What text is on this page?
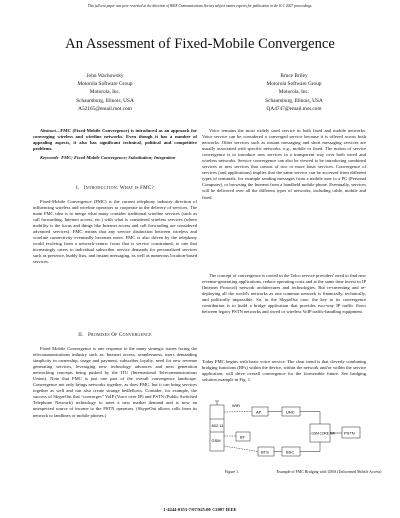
This full text paper was peer reviewed at the direction of IEEE Communications Society subject matter experts for publication in the ICC 2007 proceedings.
An Assessment of Fixed-Mobile Convergence
John Wachowsky
Motorola Software Group
Motorola, Inc.
Schaumburg, Illinois, USA
A52165@email.mot.com
Bruce Briley
Motorola Software Group
Motorola, Inc.
Schaumburg, Illinois, USA
QA4747@email.mot.com

Abstract—FMC (Fixed-Mobile Convergence) is introduced as an approach for converging wireless and wireline networks. Even though it has a number of appealing aspects, it also has significant technical, political and competitive problems.

Keywords- FMC; Fixed-Mobile Convergence; Substitution; Integration

I. Introduction: What is FMC?

Fixed-Mobile Convergence (FMC) is the current telephony industry direction of influencing wireless and wireline operators to cooperate in the delivery of services. The main FMC idea is to merge what many consider traditional wireline services (such as call forwarding, Internet access, etc.) with what is considered wireless services (where mobility is the focus and things like Internet access and call forwarding are considered advanced services). FMC means that any service distinction between wireless and wireline connectivity eventually becomes moot. FMC is also driven by the telephony world evolving from a network-centric focus that is service constrained, to one that increasingly caters to individual subscriber service demands for personalized services such as presence, buddy lists, and instant messaging, as well as numerous location-based services.

II. Promises Of Convergence

Fixed Mobile Convergence is one response to the many strategic issues facing the telecommunications industry such as: Internet access, seamlessness, users demanding simplicity in ownership, usage and payment, subscriber loyalty, need for new revenue generating services, leveraging new technology advances and next generation networking concepts being pushed by the ITU (International Telecommunications Union). Note that FMC is just one part of the overall convergence landscape. Convergence not only brings networks together, as does FMC, but it can bring services together as well and can also create strange bedfellows. Consider, for example, the success of SkypeOut that “converges” VoIP (Voice over IP) and PSTN (Public Switched Telephone Network) technology to meet a new market demand and is now an unexpected source of income to the PSTN operators. (SkypeOut allows calls from its network to landlines or mobile phones.)

Voice remains the most widely used service in both fixed and mobile networks. Voice service can be considered a converged service because it is offered across both networks. Other services such as instant messaging and short messaging services are usually associated with specific networks, e.g., mobile or fixed. The notion of service convergence is to introduce new services in a transparent way over both wired and wireless networks. Service convergence can also be viewed to be introducing combined services or new services that consist of two or more basic services. Convergence of services (and applications) implies that the same service can be accessed from different types of terminals, for example sending messages from a mobile user to a PC (Personal Computer), or browsing the Internet from a handheld mobile phone. Eventually, services will be delivered over all the different types of networks, including cable, mobile and fixed.

The concept of convergence is rooted in the Telco service providers' need to find new revenue-generating applications, reduce operating costs and at the same time invest in IP (Internet Protocol) network architectures and technologies. But re-inventing and re-deploying all the world's networks as one common network is financially, technically, and politically impossible. So, in the SkypeOut case, the key to its convergence contribution is to build a bridge application that provides two-way IP traffic flows between legacy PSTN networks and wired or wireless VoIP traffic-handling equipment.

Today FMC begins with basic voice service. The clear trend is that cleverly combining bridging functions (BFs) within the device, within the network and/or within the service application, will drive overall convergence for the foreseeable future. See bridging solution example in Fig. 1.

WiFi
AP	UNC
802.11
BT
GSM
BTS	BSC
GSM CORE NW PSTN
Figure 1.	Example of FMC Bridging with UMA (Unlicensed Mobile Access)
1-4244-0353-7/07/$25.00 ©2007 IEEE
